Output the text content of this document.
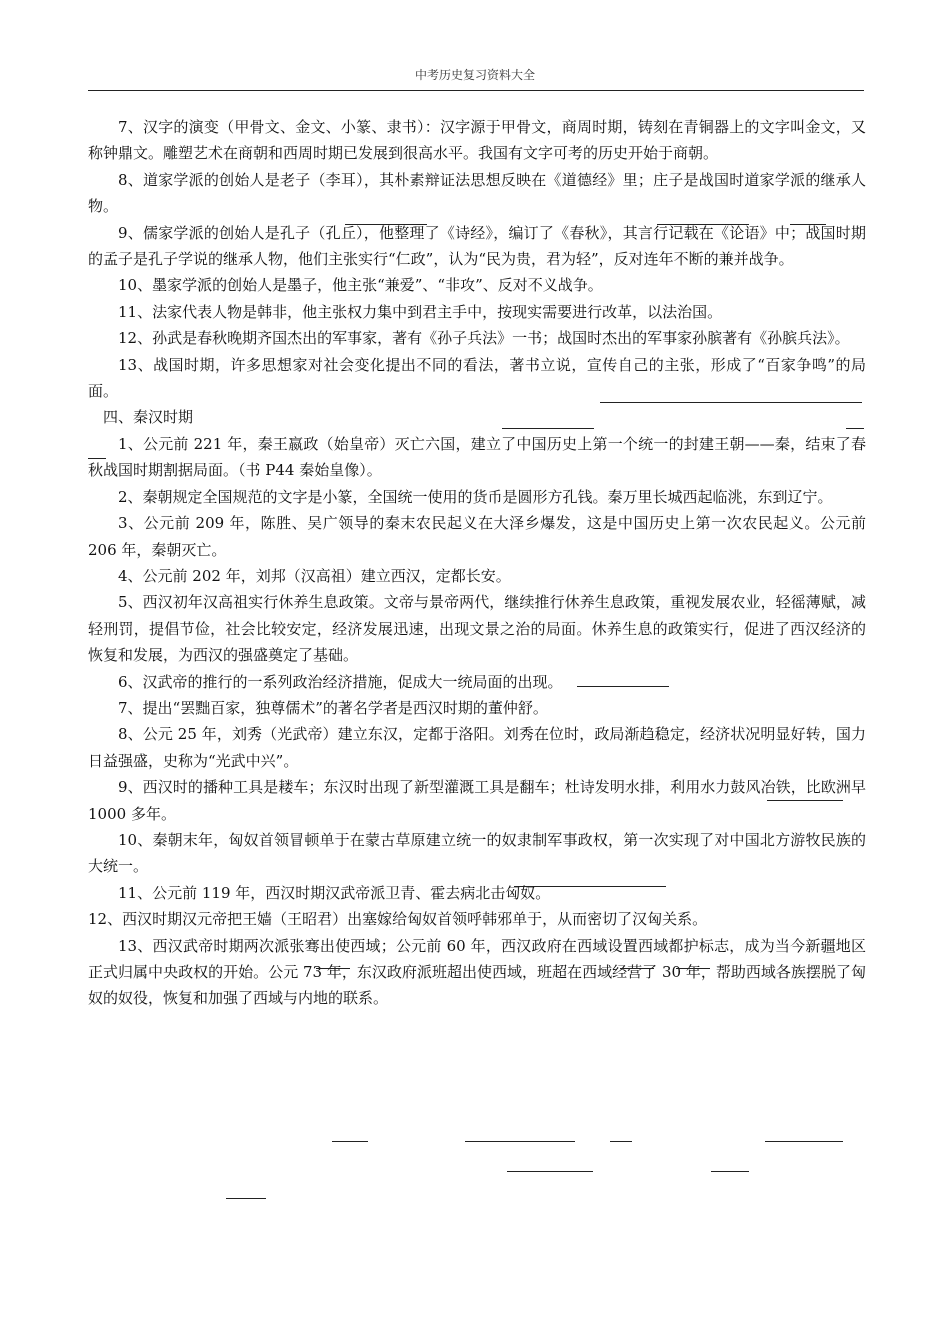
中考历史复习资料大全

7、汉字的演变（甲骨文、金文、小篆、隶书）：汉字源于甲骨文，商周时期，铸刻在青铜器上的文字叫金文，又称钟鼎文。雕塑艺术在商朝和西周时期已发展到很高水平。我国有文字可考的历史开始于商朝。

8、道家学派的创始人是老子（李耳），其朴素辩证法思想反映在《道德经》里；庄子是战国时道家学派的继承人物。

9、儒家学派的创始人是孔子（孔丘），他整理了《诗经》，编订了《春秋》，其言行记载在《论语》中；战国时期的孟子是孔子学说的继承人物，他们主张实行“仁政”，认为“民为贵，君为轻”，反对连年不断的兼并战争。

10、墨家学派的创始人是墨子，他主张“兼爱”、“非攻”、反对不义战争。

11、法家代表人物是韩非，他主张权力集中到君主手中，按现实需要进行改革，以法治国。

12、孙武是春秋晚期齐国杰出的军事家，著有《孙子兵法》一书；战国时杰出的军事家孙膑著有《孙膑兵法》。

13、战国时期，许多思想家对社会变化提出不同的看法，著书立说，宣传自己的主张，形成了“百家争鸣”的局面。

四、秦汉时期

1、公元前 221 年，秦王嬴政（始皇帝）灭亡六国，建立了中国历史上第一个统一的封建王朝——秦，结束了春秋战国时期割据局面。（书 P44 秦始皇像）。

2、秦朝规定全国规范的文字是小篆，全国统一使用的货币是圆形方孔钱。秦万里长城西起临洮，东到辽宁。

3、公元前 209 年，陈胜、吴广领导的秦末农民起义在大泽乡爆发，这是中国历史上第一次农民起义。公元前 206 年，秦朝灭亡。

4、公元前 202 年，刘邦（汉高祖）建立西汉，定都长安。

5、西汉初年汉高祖实行休养生息政策。文帝与景帝两代，继续推行休养生息政策，重视发展农业，轻徭薄赋，减轻刑罚，提倡节俭，社会比较安定，经济发展迅速，出现文景之治的局面。休养生息的政策实行，促进了西汉经济的恢复和发展，为西汉的强盛奠定了基础。

6、汉武帝的推行的一系列政治经济措施，促成大一统局面的出现。

7、提出“罢黜百家，独尊儒术”的著名学者是西汉时期的董仲舒。

8、公元 25 年，刘秀（光武帝）建立东汉，定都于洛阳。刘秀在位时，政局渐趋稳定，经济状况明显好转，国力日益强盛，史称为“光武中兴”。

9、西汉时的播种工具是耧车；东汉时出现了新型灌溉工具是翻车；杜诗发明水排，利用水力鼓风冶铁，比欧洲早 1000 多年。

10、秦朝末年，匈奴首领冒顿单于在蒙古草原建立统一的奴隶制军事政权，第一次实现了对中国北方游牧民族的大统一。

11、公元前 119 年，西汉时期汉武帝派卫青、霍去病北击匈奴。

12、西汉时期汉元帝把王嫱（王昭君）出塞嫁给匈奴首领呼韩邪单于，从而密切了汉匈关系。

13、西汉武帝时期两次派张骞出使西域；公元前 60 年，西汉政府在西域设置西域都护标志，成为当今新疆地区正式归属中央政权的开始。公元 73 年，东汉政府派班超出使西域，班超在西域经营了 30 年，帮助西域各族摆脱了匈奴的奴役，恢复和加强了西域与内地的联系。
